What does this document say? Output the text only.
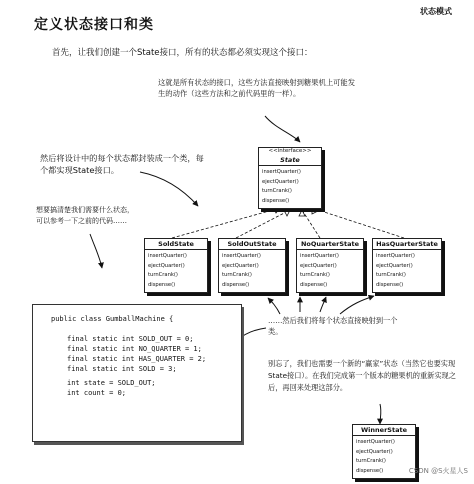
状态模式
定义状态接口和类
首先，让我们创建一个State接口，所有的状态都必须实现这个接口：
这就是所有状态的接口，这些方法直接映射到糖果机上可能发生的动作（这些方法和之前代码里的一样）。
然后将设计中的每个状态都封装成一个类，每个都实现State接口。
想要搞清楚我们需要什么状态，可以参考一下之前的代码……
……然后我们将每个状态直接映射到一个类。
别忘了，我们也需要一个新的“赢家”状态（当然它也要实现State接口）。在我们完成第一个版本的糖果机的重新实现之后，再回来处理这部分。
<<interface>>
State
insertQuarter()
ejectQuarter()
turnCrank()
dispense()
SoldState
insertQuarter()
ejectQuarter()
turnCrank()
dispense()
SoldOutState
insertQuarter()
ejectQuarter()
turnCrank()
dispense()
NoQuarterState
insertQuarter()
ejectQuarter()
turnCrank()
dispense()
HasQuarterState
insertQuarter()
ejectQuarter()
turnCrank()
dispense()
WinnerState
insertQuarter()
ejectQuarter()
turnCrank()
dispense()
public class GumballMachine {
final static int SOLD_OUT = 0;
final static int NO_QUARTER = 1;
final static int HAS_QUARTER = 2;
final static int SOLD = 3;
int state = SOLD_OUT;
int count = 0;
CSDN @S火星人S
